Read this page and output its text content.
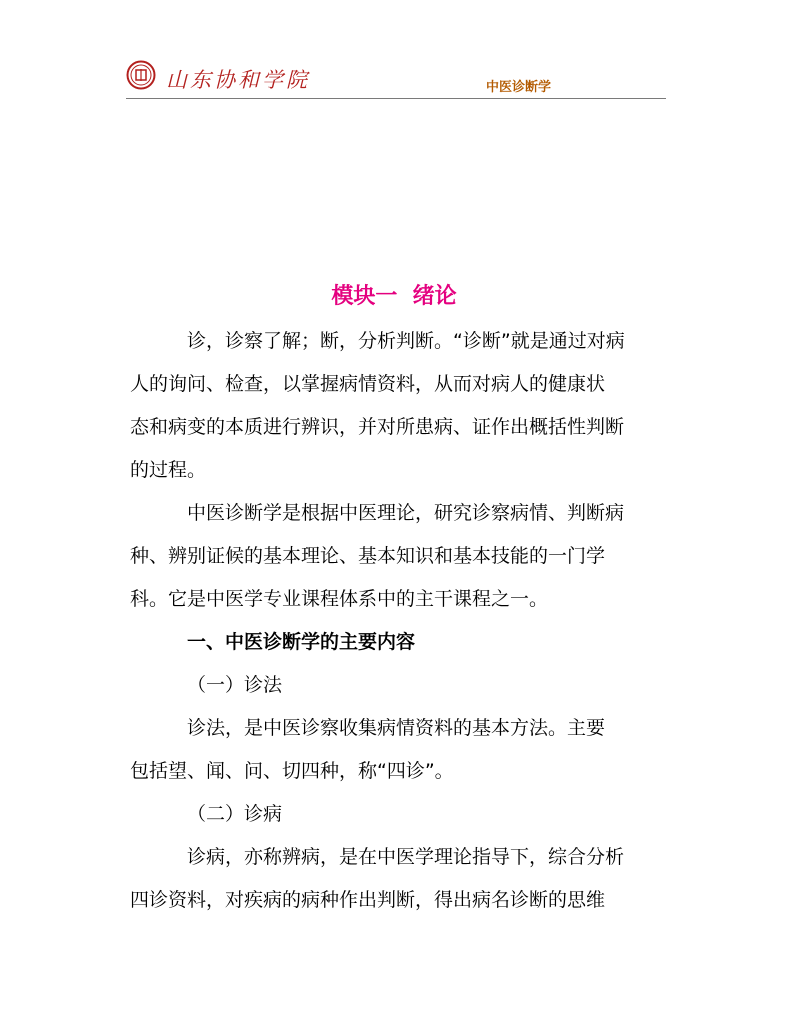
山东协和学院	中医诊断学
模块一  绪论
诊，诊察了解；断，分析判断。“诊断”就是通过对病
人的询问、检查，以掌握病情资料，从而对病人的健康状
态和病变的本质进行辨识，并对所患病、证作出概括性判断
的过程。
中医诊断学是根据中医理论，研究诊察病情、判断病
种、辨别证候的基本理论、基本知识和基本技能的一门学
科。它是中医学专业课程体系中的主干课程之一。
一、中医诊断学的主要内容
（一）诊法
诊法，是中医诊察收集病情资料的基本方法。主要
包括望、闻、问、切四种，称“四诊”。
（二）诊病
诊病，亦称辨病，是在中医学理论指导下，综合分析
四诊资料，对疾病的病种作出判断，得出病名诊断的思维
